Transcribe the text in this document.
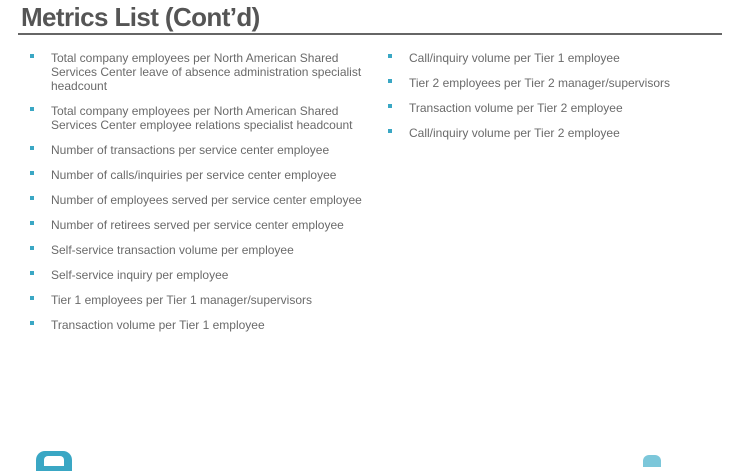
Metrics List (Cont’d)
Total company employees per North American Shared Services Center leave of absence administration specialist headcount
Total company employees per North American Shared Services Center employee relations specialist headcount
Number of transactions per service center employee
Number of calls/inquiries per service center employee
Number of employees served per service center employee
Number of retirees served per service center employee
Self-service transaction volume per employee
Self-service inquiry per employee
Tier 1 employees per Tier 1 manager/supervisors
Transaction volume per Tier 1 employee
Call/inquiry volume per Tier 1 employee
Tier 2 employees per Tier 2 manager/supervisors
Transaction volume per Tier 2 employee
Call/inquiry volume per Tier 2 employee
